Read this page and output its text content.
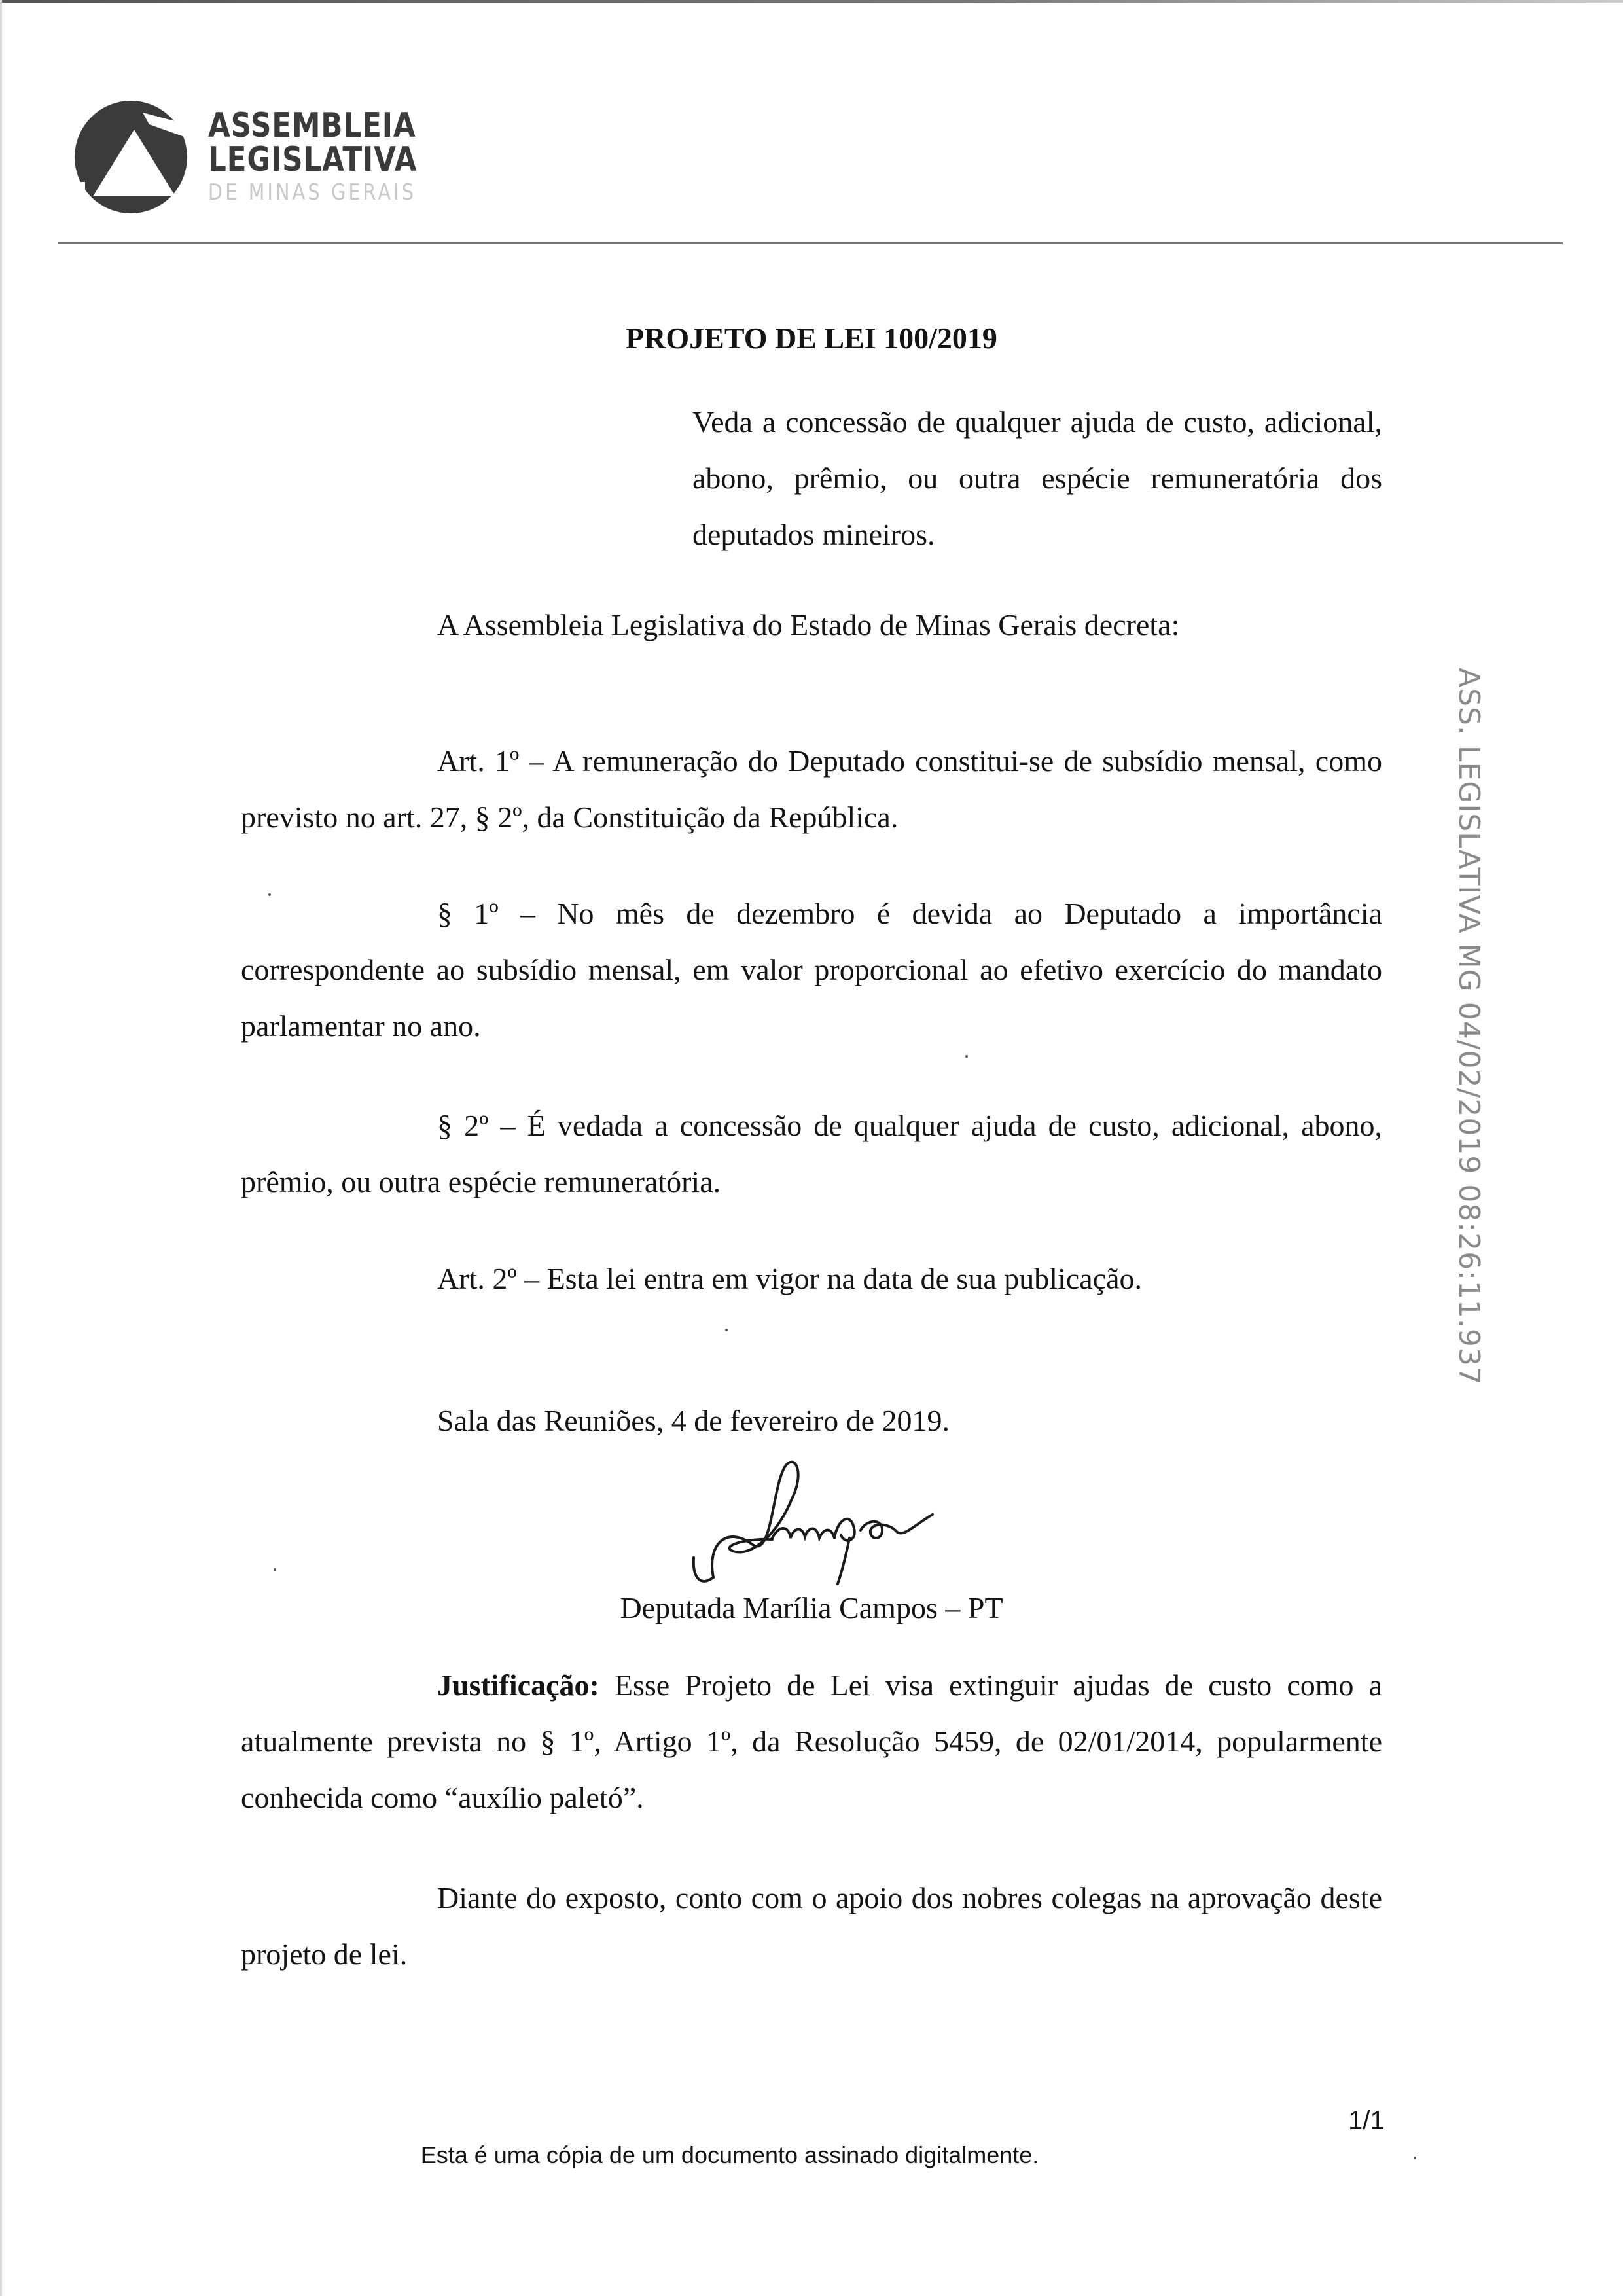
ASSEMBLEIA
LEGISLATIVA
DE MINAS GERAIS
PROJETO DE LEI 100/2019
Veda a concessão de qualquer ajuda de custo, adicional, abono, prêmio, ou outra espécie remuneratória dos deputados mineiros.
A Assembleia Legislativa do Estado de Minas Gerais decreta:
Art. 1º – A remuneração do Deputado constitui-se de subsídio mensal, como previsto no art. 27, § 2º, da Constituição da República.
§ 1º – No mês de dezembro é devida ao Deputado a importância correspondente ao subsídio mensal, em valor proporcional ao efetivo exercício do mandato parlamentar no ano.
§ 2º – É vedada a concessão de qualquer ajuda de custo, adicional, abono, prêmio, ou outra espécie remuneratória.
Art. 2º – Esta lei entra em vigor na data de sua publicação.
Sala das Reuniões, 4 de fevereiro de 2019.
Deputada Marília Campos – PT
Justificação: Esse Projeto de Lei visa extinguir ajudas de custo como a atualmente prevista no § 1º, Artigo 1º, da Resolução 5459, de 02/01/2014, popularmente conhecida como “auxílio paletó”.
Diante do exposto, conto com o apoio dos nobres colegas na aprovação deste projeto de lei.
ASS. LEGISLATIVA MG 04/02/2019 08:26:11.937
1/1
Esta é uma cópia de um documento assinado digitalmente.
